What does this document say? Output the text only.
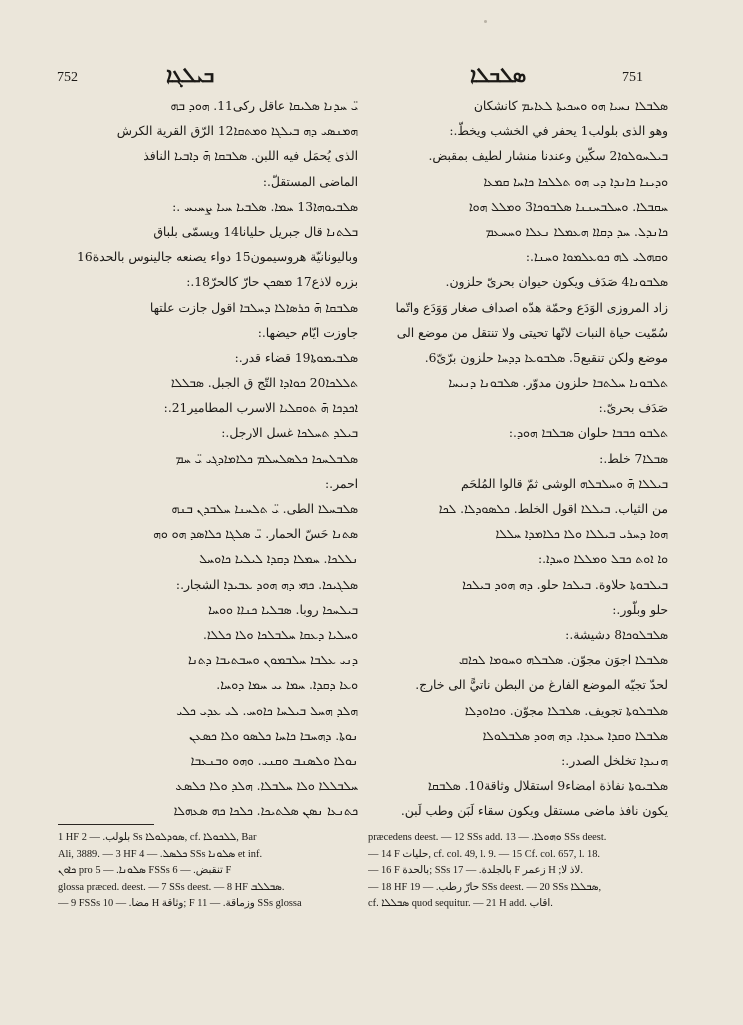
752	ܒܝܠܓܐ	751
ܣܠܒܠܐ
ܝ̈ ܚܕܢܐ ܣܠܝܩܐ عاقل ركى11. ܗܘܕ ܒܗ
ܗܡܢܣܝ ܕܗ ܒܝܠܓܐ ܘܡܬܩܐ12 الرّق القرية الكرش
الذى يُحمَل فيه اللبن. ܣܠܒܩܐ ܗ̄ ܕܐܒܝܐ النافذ
الماضى المستقلّ.:
ܣܠܒܝܘܗܐ13 ܚܡܐ. ܣܠܒܝܐ ܚܝܐ ܨܚܝܚ .:
ܒܠܬܢܐ قال جبريل حليانا14 ويسمّى بلباق
وباليونانيّة هروسيمون15 دواء يصنعه جالينوس بالحدة16
بزره لاذع17 ܡܣܟܢ حارّ كالحرّ18.:
ܣܠܒܩܐ ܗ̄ ܟܪܣܐܠܐ ܕܚܠܒܐ اقول جازت علتها
جاوزت ايّام حيضها.:
ܣܠܒܝܡܘܬܐ19 قضاء قدر.:
ܬܠܠܟܐ20 ܟܘܐܕܐ التّج ق الجبل. ܣܒܠܠܐ
ܐܟܕܟܐ ܗ̄ ܬܘܩܠܝܐ الاسرب المطامير21.:
ܒܝܠܕ ܬܚܠܟܐ غسل الارجل.:
ܣܠܒܠܚܟܐ ܟܠܣܠܚܠܡ ܟܠܐܡܐܕܓܝ ܝ̈ ܚܡ
احمر.:
ܣܠܒܚܠܐ الطى. ܝ̈ ܬܠܚܢܐ ܚܠܒܕܢ ܒܢܗ
ܣܬܢܐ حَسّ الحمار. ܝ̈ ܣܠܓܐ ܟܠܐܣܕ ܗܘ ܘܗ
ܢܠܠܟܐ. ܚܡܠܐ ܕܩܕܐ ܠܝܠܝܐ ܟܐܘܚܠ
ܣܠܓܝܟܐ. ܟܗܝ ܕܗ ܗܘܕ ܥܒܝܕܐ الشجار.:
ܒܝܠܚܟܐ روبا. ܣܒܠܝܐ ܟܢܐܐ ܘܘܚܐ
ܘܚܠܝܐ ܕܥܩܐ ܚܠܒܠܟܐ ܘܠܐ ܟܠܠܐ.
ܕܢܝ ܥܠܒܐ ܚܠܒܡܘܢ ܘܚܒܬܝܒܐ ܕܬܢܐ
ܘܥܐ ܕܩܕܐ. ܚܡܐ ܝܝ ܚܡܐ ܕܘܚܐ.
ܗܠܕ ܗܚܠ ܒܝܠܚܐ ܟܐܘܚ. ܠܝ ܥܕܝ ܟܠܝ
ܢܘܬܐ. ܕܗܚܒܐ ܟܐܚܐ ܟܠܣܘ ܘܠܐ ܟܣܥܢ
ܢܘܠܐ ܘܠܣܢܒ ܘܩܢܝ. ܘܗܘ ܘܒܢܥܒܐ
ܚܠܒܠܠܐ ܘܠܐ ܚܠܒܠܐ. ܗܠܕ ܘܠܐ ܟܠܣܥ
ܟܬܢܥܐ ܢܣܢ ܣܠܬܝܟܐ. ܟܠܟܐ ܟܗ ܣܥܗܠܐ
ܣܠܒܠܐ ܢܚܝܐ ܗܘ ܘܚܟܝܬܐ ܠܥܐܝܡ كانشكان
وهو الذى بلولب1 يحفر في الخشب ويخطّ.:
ܒܝܠܚܘܠܘܐ2 سكّين وعندنا منشار لطيف بمقبض.
ܘܕܝܢܐ ܟܐܢܕܐ ܕܝ ܗܘ ܬܠܠܟܐ ܟܐܚܐ ܩܡܥܐ
ܚܩܒܠܐ. ܘܚܠܒܚܢܢܐ ܣܠܒܘܟܐ3 ܘܡܠܠ ܗܘܐ
ܟܐܢܕܠ. ܚܕ ܕܩܐܐ ܗܥܡܠܐ ܢܥܠܐ ܘܚܚܥܡ
ܘܩܗܠܝ ܠܗ ܟܘܥܠܡܘܐ ܘܚܢܐ.:
ܣܠܒܘܢܐ4 صَدَف ويكون حيوان بحرىّ حلزون.
زاد المروزى الوَدَع وحمّة هدّه اصداف صغار وَوَدَع واتّما
سُمّيت حياة النبات لانّها تحيتى ولا تنتقل من موضع الى
موضع ولكن تنقبع5. ܣܠܒܘܥܐ ܕܕܚܐ حلزون برّىّ6.
ܬܠܒܘܢܐ ܚܠܬܒܐ حلزون مدوّر. ܣܠܒܘܢܐ ܕܢܝܚܐ
صَدَف بحرىّ.:
ܬܠܒܘ ܟܒܒܐ حلوان ܣܒܠܒܐ ܗܘܕ.:
ܣܒܠܐ7 خلط.:
ܒܝܠܠܐ ܗ̄ ܘܚܠܒܠܗ الوشى ثمّ قالوا المُلحَم
من الثياب. ܒܝܠܠܐ اقول الخلط. ܟܠܣܘܕܠܐ. ܠܟܐ
ܗܘܐ ܕܚܪܝ ܒܝܠܠܐ ܘܠܐ ܟܠܐܡܕܐ ܚܠܠܐ
ܘܐ ܐܘܬ ܟܒܠ ܘܡܠܠܐ ܘܚܕܐ.:
ܒܝܠܒܘܬܐ حلاوة. ܒܝܠܟܐ حلو. ܕܗ ܗܘܕ ܒܝܠܟܐ
حلو وبلّور.:
ܣܠܒܠܘܟܐ8 دشيشة.:
ܣܠܒܠܐ اجوَن مجوّن. ܣܠܒܠܗ ܘܚܘܡܐ ܠܟܐܩ
لحدّ تجيّه الموضع الفارغ من البطن ناتيًّ الى خارج.
ܣܠܒܠܘܬܐ تجويف. ܣܠܒܠܐ مجوّن. ܘܟܐܘܕܠܐ
ܣܠܒܠܐ ܘܩܕܐ ܚܥܕܐ. ܕܗ ܗܘܕ ܣܠܒܠܘܠܐ
ܗܢܝܕܐ تخلخل الصدر.:
ܣܠܒܝܘܬܐ نفاذة امضاء9 استقلال وثاقة10. ܣܠܒܩܐ
يكون نافذ ماضى مستقل ويكون سقاء لَبَن وطب لَبن.
1 HF بلولب. — 2 Ss ܣܘܕܠܘܠܐ, cf. ܠܠܟܘܠܐ, Bar
Ali, 3889. — 3 HF ܟܠܣܠ. — 4 SSs ܣܠܘܢܐ et inf.
ܟܐܘܢ pro ܣܠܘܢܐ. — 5 FSSs تنقبض. — 6 F
glossa præced. deest. — 7 SSs deest. — 8 HF ܣܒܠܠܒ.
— 9 FSSs مضا. — 10 H وثاقة; F وزماقة. — 11 SSs glossa
præcedens deest. — 12 SSs add. ܘܗܘܠܐ. — 13 SSs deest.
— 14 F حليات, cf. col. 49, l. 9. — 15 Cf. col. 657, l. 18.
— 16 F بالحدة; SSs بالجلدة. — 17 F زعمر H ;لاذ لا.
— 18 HF حارّ رطب. — 19 SSs deest. — 20 SSs ܣܒܠܠܐ,
cf. ܣܒܠܠܐ quod sequitur. — 21 H add. اقاب.
